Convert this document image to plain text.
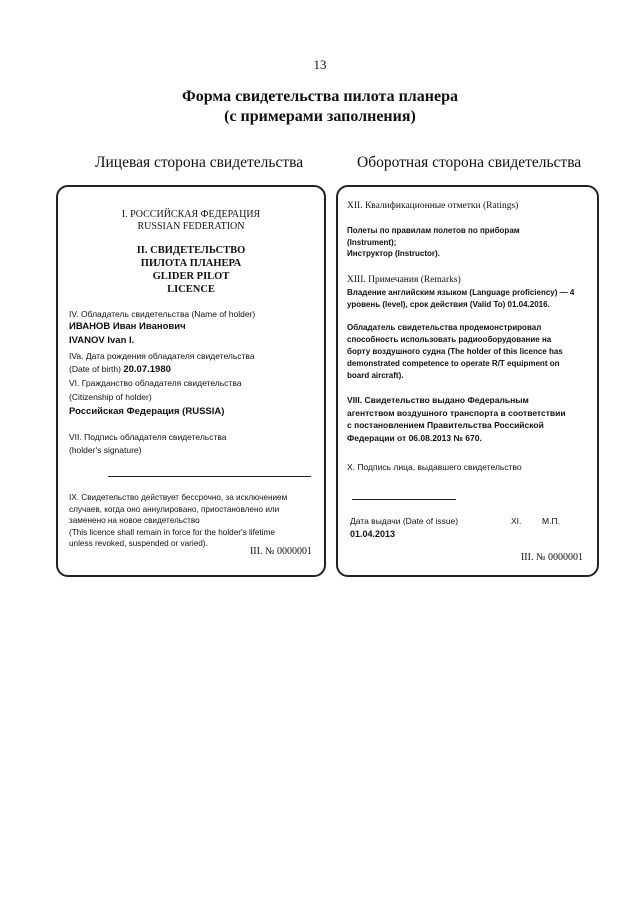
13
Форма свидетельства пилота планера
(с примерами заполнения)
Лицевая сторона свидетельства	Оборотная сторона свидетельства
I. РОССИЙСКАЯ ФЕДЕРАЦИЯ
RUSSIAN FEDERATION
II. СВИДЕТЕЛЬСТВО
ПИЛОТА ПЛАНЕРА
GLIDER PILOT
LICENCE
IV. Обладатель свидетельства (Name of holder)
ИВАНОВ Иван Иванович
IVANOV Ivan I.
IVa. Дата рождения обладателя свидетельства
(Date of birth) 20.07.1980
VI. Гражданство обладателя свидетельства
(Citizenship of holder)
Российская Федерация (RUSSIA)
VII. Подпись обладателя свидетельства
(holder's signature)
IX. Свидетельство действует бессрочно, за исключением
случаев, когда оно аннулировано, приостановлено или
заменено на новое свидетельство
(This licence shall remain in force for the holder's lifetime
unless revoked, suspended or varied).
III. № 0000001
XII. Квалификационные отметки (Ratings)
Полеты по правилам полетов по приборам
(Instrument);
Инструктор (Instructor).
XIII. Примечания (Remarks)
Владение английским языком (Language proficiency) — 4
уровень (level), срок действия (Valid To) 01.04.2016.
Обладатель свидетельства продемонстрировал
способность использовать радиооборудование на
борту воздушного судна (The holder of this licence has
demonstrated competence to operate R/T equipment on
board aircraft).
VIII. Свидетельство выдано Федеральным
агентством воздушного транспорта в соответствии
с постановлением Правительства Российской
Федерации от 06.08.2013 № 670.
X. Подпись лица, выдавшего свидетельство
Дата выдачи (Date of issue)
01.04.2013
XI. М.П.
III. № 0000001
